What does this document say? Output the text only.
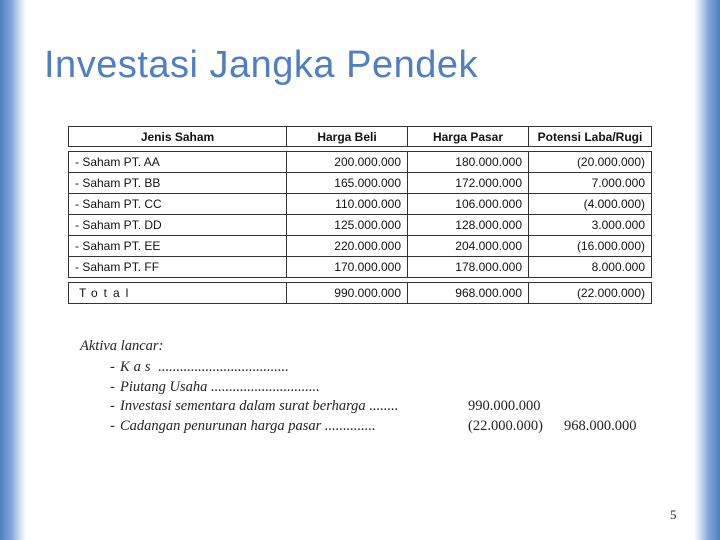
Investasi Jangka Pendek
Jenis Saham	Harga Beli	Harga Pasar	Potensi Laba/Rugi

- Saham PT. AA	200.000.000	180.000.000	(20.000.000)
- Saham PT. BB	165.000.000	172.000.000	7.000.000
- Saham PT. CC	110.000.000	106.000.000	(4.000.000)
- Saham PT. DD	125.000.000	128.000.000	3.000.000
- Saham PT. EE	220.000.000	204.000.000	(16.000.000)
- Saham PT. FF	170.000.000	178.000.000	8.000.000

Total	990.000.000	968.000.000	(22.000.000)
Aktiva lancar:
- Kas ....................................
- Piutang Usaha ..............................
- Investasi sementara dalam surat berharga ........	990.000.000
- Cadangan penurunan harga pasar ..............	(22.000.000) 968.000.000
5
